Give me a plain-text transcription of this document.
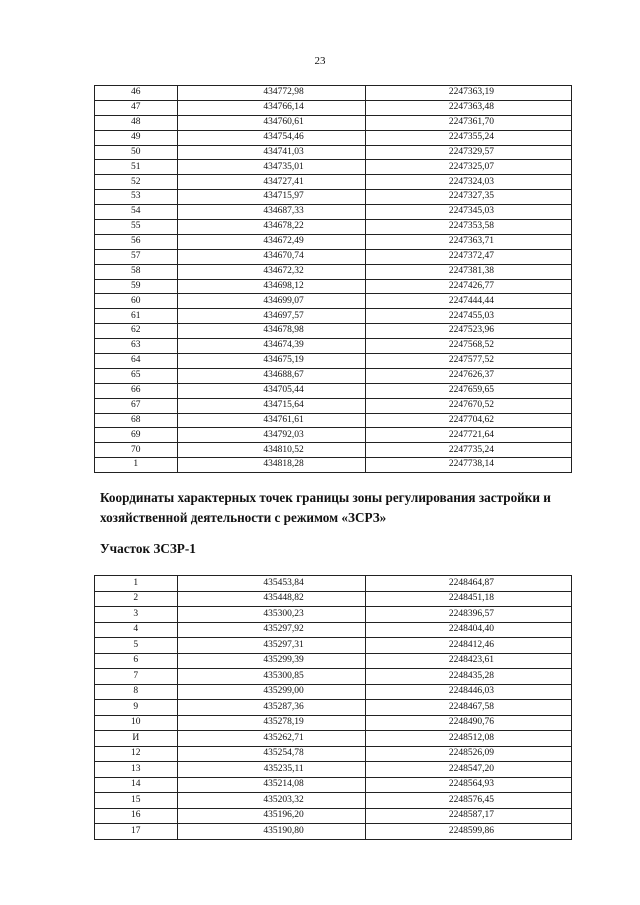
23
46	434772,98	2247363,19
47	434766,14	2247363,48
48	434760,61	2247361,70
49	434754,46	2247355,24
50	434741,03	2247329,57
51	434735,01	2247325,07
52	434727,41	2247324,03
53	434715,97	2247327,35
54	434687,33	2247345,03
55	434678,22	2247353,58
56	434672,49	2247363,71
57	434670,74	2247372,47
58	434672,32	2247381,38
59	434698,12	2247426,77
60	434699,07	2247444,44
61	434697,57	2247455,03
62	434678,98	2247523,96
63	434674,39	2247568,52
64	434675,19	2247577,52
65	434688,67	2247626,37
66	434705,44	2247659,65
67	434715,64	2247670,52
68	434761,61	2247704,62
69	434792,03	2247721,64
70	434810,52	2247735,24
1	434818,28	2247738,14
Координаты характерных точек границы зоны регулирования застройки и хозяйственной деятельности с режимом «ЗСРЗ»
Участок ЗСЗР-1
1	435453,84	2248464,87
2	435448,82	2248451,18
3	435300,23	2248396,57
4	435297,92	2248404,40
5	435297,31	2248412,46
6	435299,39	2248423,61
7	435300,85	2248435,28
8	435299,00	2248446,03
9	435287,36	2248467,58
10	435278,19	2248490,76
И	435262,71	2248512,08
12	435254,78	2248526,09
13	435235,11	2248547,20
14	435214,08	2248564,93
15	435203,32	2248576,45
16	435196,20	2248587,17
17	435190,80	2248599,86
